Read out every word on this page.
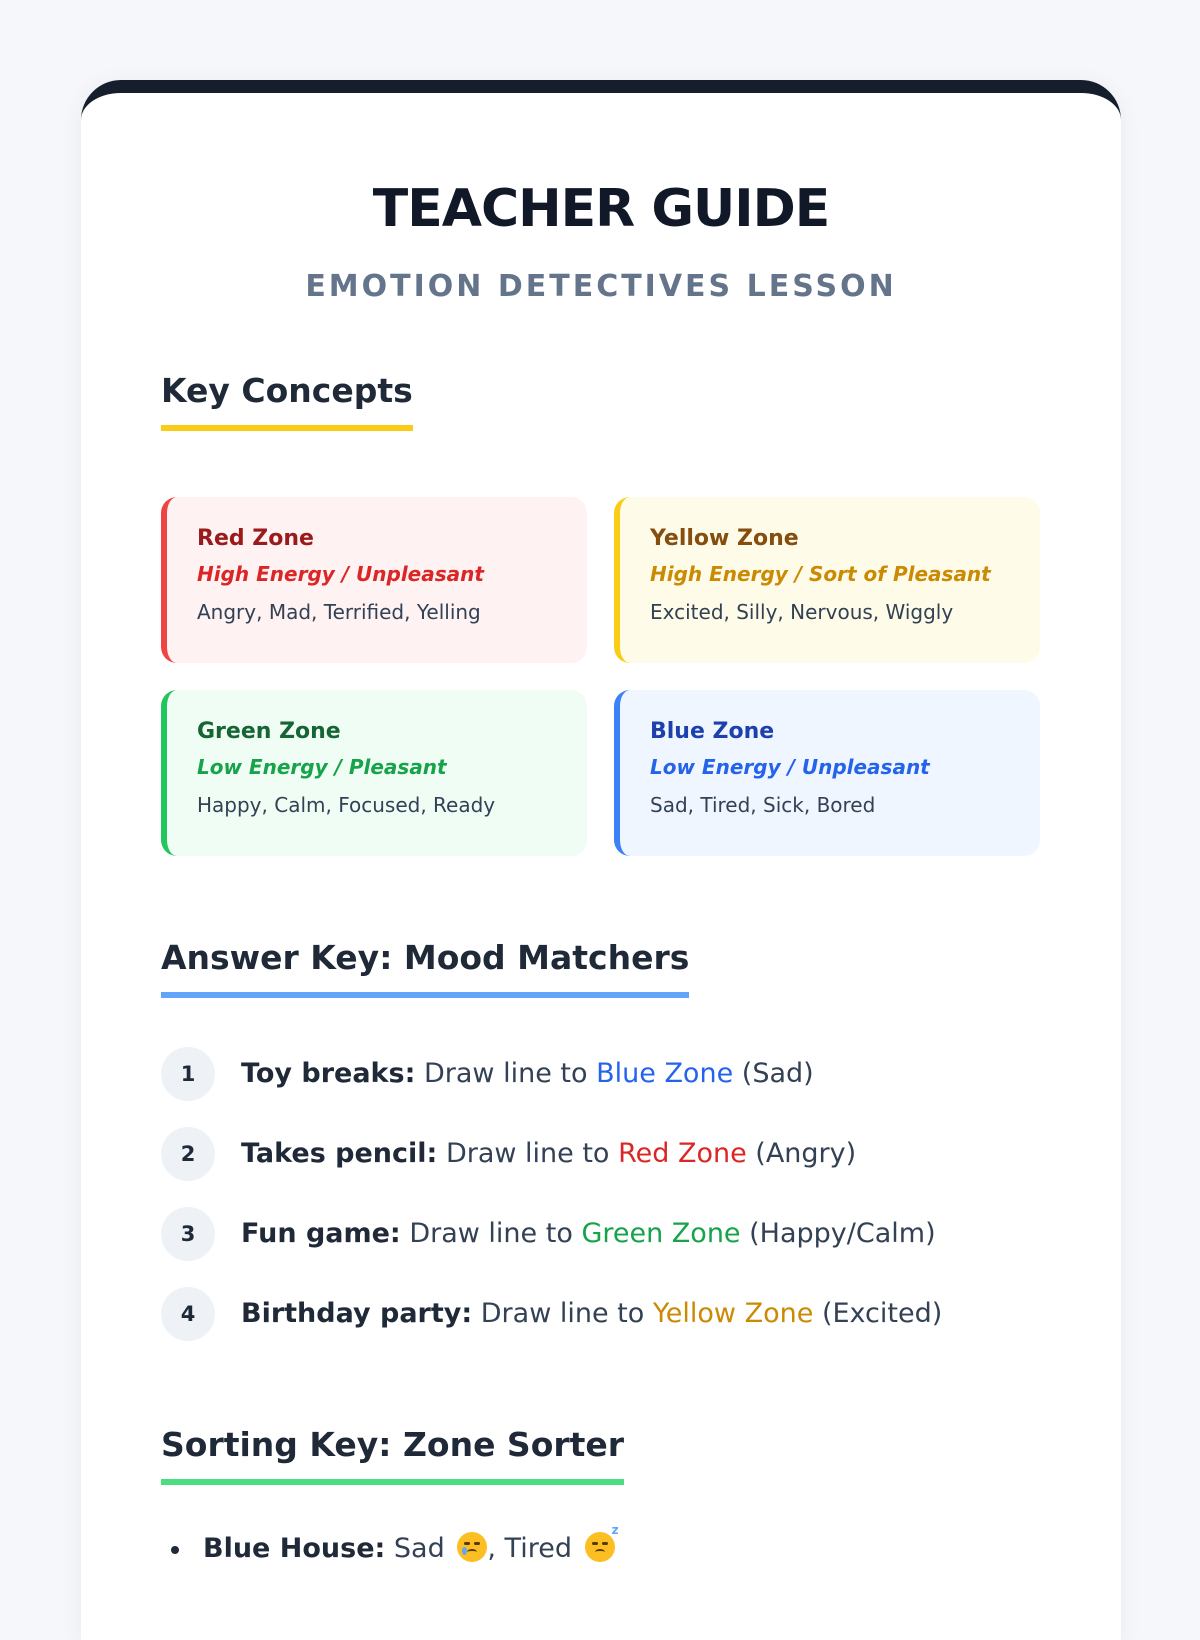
TEACHER GUIDE
EMOTION DETECTIVES LESSON
Key Concepts
Red Zone
High Energy / Unpleasant
Angry, Mad, Terrified, Yelling
Yellow Zone
High Energy / Sort of Pleasant
Excited, Silly, Nervous, Wiggly
Green Zone
Low Energy / Pleasant
Happy, Calm, Focused, Ready
Blue Zone
Low Energy / Unpleasant
Sad, Tired, Sick, Bored
Answer Key: Mood Matchers
1	Toy breaks: Draw line to Blue Zone (Sad)
2	Takes pencil: Draw line to Red Zone (Angry)
3	Fun game: Draw line to Green Zone (Happy/Calm)
4	Birthday party: Draw line to Yellow Zone (Excited)
Sorting Key: Zone Sorter
Blue House: Sad , Tired
z
